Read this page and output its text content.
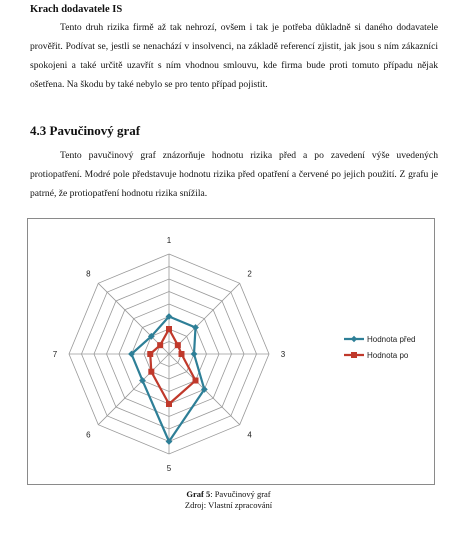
Krach dodavatele IS
Tento druh rizika firmě až tak nehrozí, ovšem i tak je potřeba důkladně si daného dodavatele prověřit. Podívat se, jestli se nenachází v insolvenci, na základě referencí zjistit, jak jsou s ním zákazníci spokojeni a také určitě uzavřít s ním vhodnou smlouvu, kde firma bude proti tomuto případu nějak ošetřena. Na škodu by také nebylo se pro tento případ pojistit.
4.3 Pavučinový graf
Tento pavučinový graf znázorňuje hodnotu rizika před a po zavedení výše uvedených protiopatření. Modré pole představuje hodnotu rizika před opatření a červené po jejich použití. Z grafu je patrné, že protiopatření hodnotu rizika snížila.
1
2
3
4
5
6
7
8
Hodnota před
Hodnota po
Graf 5: Pavučinový graf
Zdroj: Vlastní zpracování
